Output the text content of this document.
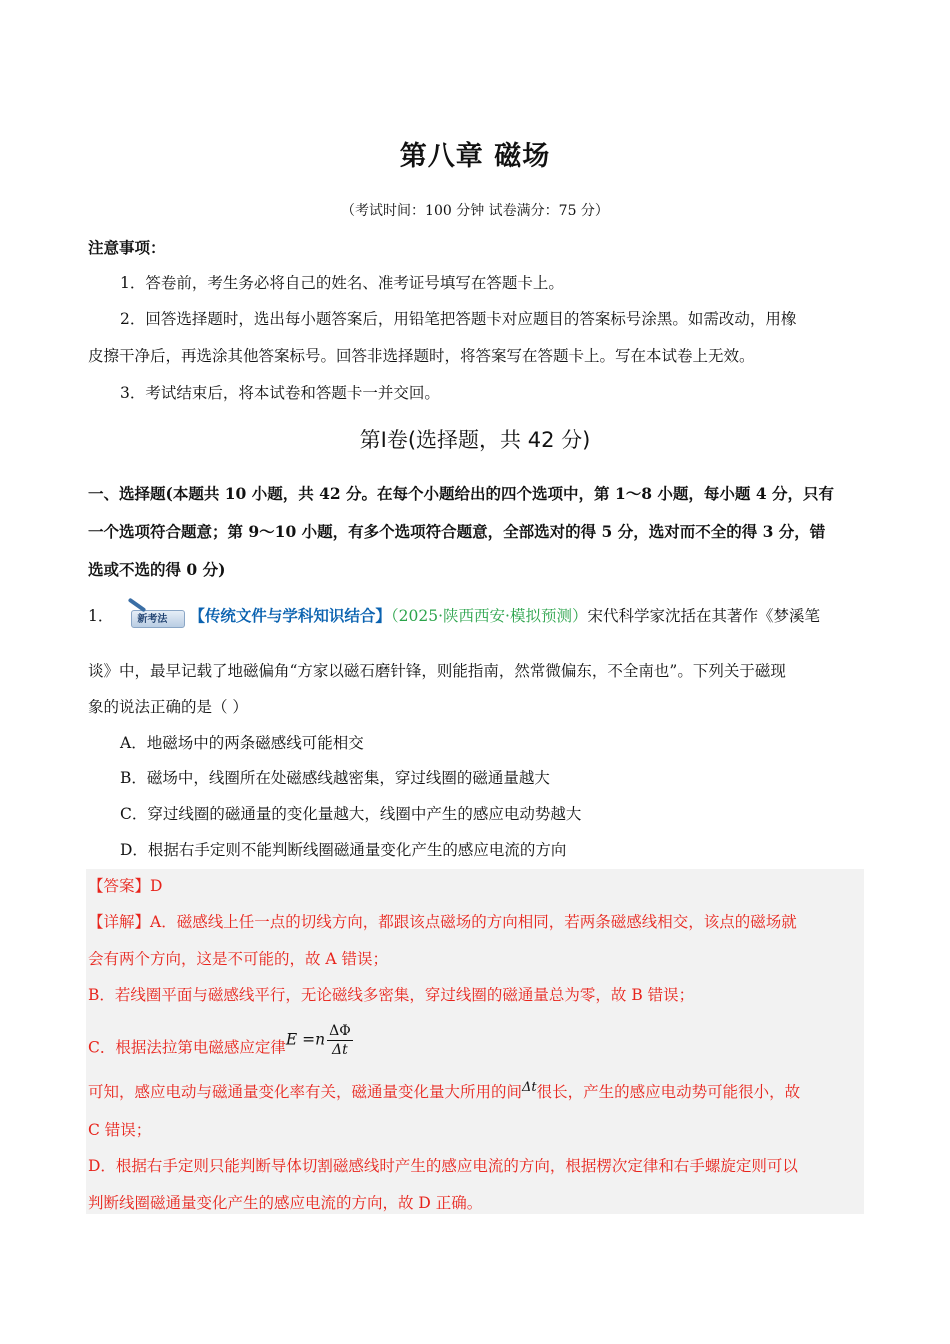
第八章 磁场
（考试时间：100 分钟 试卷满分：75 分）
注意事项：
1．答卷前，考生务必将自己的姓名、准考证号填写在答题卡上。
2．回答选择题时，选出每小题答案后，用铅笔把答题卡对应题目的答案标号涂黑。如需改动，用橡
皮擦干净后，再选涂其他答案标号。回答非选择题时，将答案写在答题卡上。写在本试卷上无效。
3．考试结束后，将本试卷和答题卡一并交回。
第Ⅰ卷(选择题，共 42 分)
一、选择题(本题共 10 小题，共 42 分。在每个小题给出的四个选项中，第 1～8 小题，每小题 4 分，只有
一个选项符合题意；第 9～10 小题，有多个选项符合题意，全部选对的得 5 分，选对而不全的得 3 分，错
选或不选的得 0 分)
1． 新考法 【传统文件与学科知识结合】（2025·陕西西安·模拟预测）宋代科学家沈括在其著作《梦溪笔
谈》中，最早记载了地磁偏角“方家以磁石磨针锋，则能指南，然常微偏东，不全南也”。下列关于磁现
象的说法正确的是（ ）
A．地磁场中的两条磁感线可能相交
B．磁场中，线圈所在处磁感线越密集，穿过线圈的磁通量越大
C．穿过线圈的磁通量的变化量越大，线圈中产生的感应电动势越大
D．根据右手定则不能判断线圈磁通量变化产生的感应电流的方向
【答案】D
【详解】A．磁感线上任一点的切线方向，都跟该点磁场的方向相同，若两条磁感线相交，该点的磁场就
会有两个方向，这是不可能的，故 A 错误；
B．若线圈平面与磁感线平行，无论磁线多密集，穿过线圈的磁通量总为零，故 B 错误；
C．根据法拉第电磁感应定律$E =n \frac{\Delta\Phi}{\Delta t}$
可知，感应电动与磁通量变化率有关，磁通量变化量大所用的间$^{\Delta t}$很长，产生的感应电动势可能很小，故
C 错误；
D．根据右手定则只能判断导体切割磁感线时产生的感应电流的方向，根据楞次定律和右手螺旋定则可以
判断线圈磁通量变化产生的感应电流的方向，故 D 正确。
